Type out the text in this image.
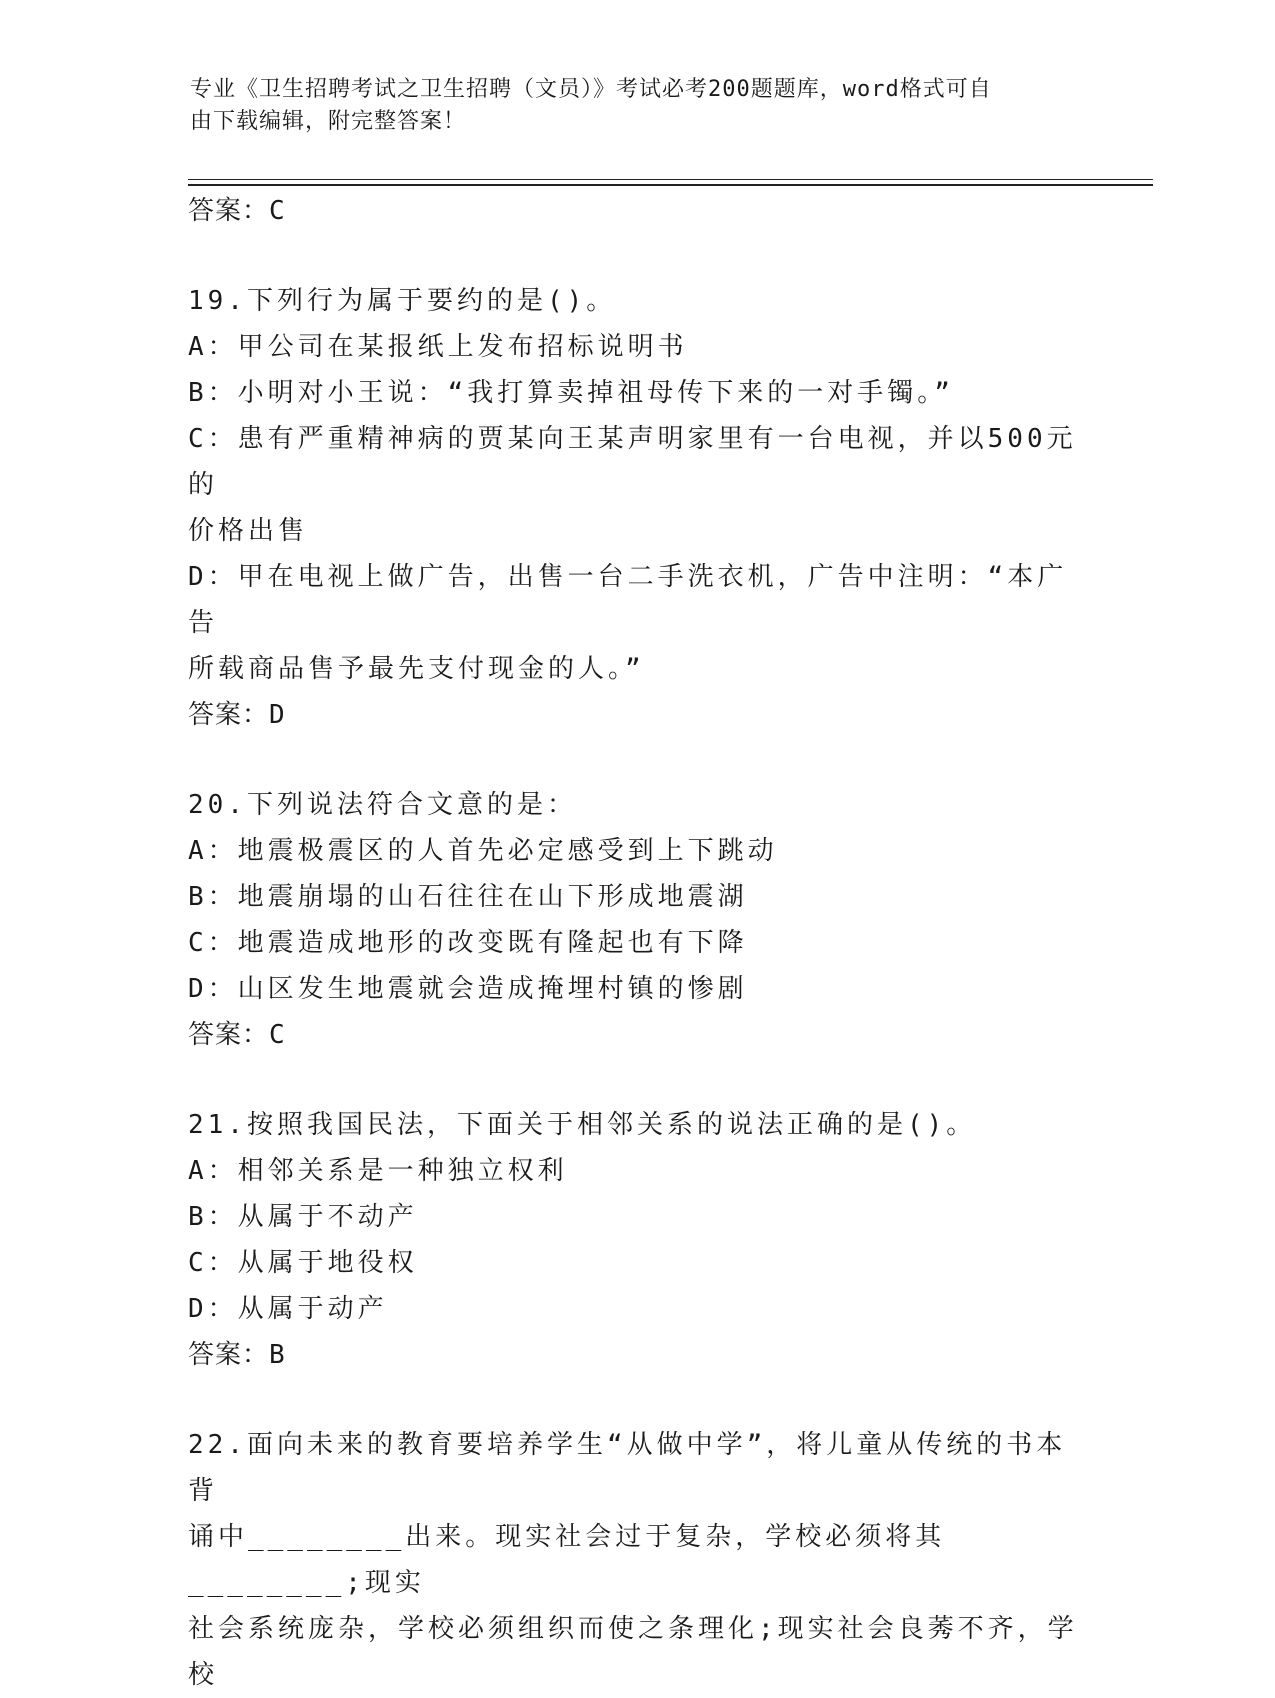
专业《卫生招聘考试之卫生招聘（文员）》考试必考200题题库，word格式可自
由下载编辑，附完整答案！
答案：C
19.下列行为属于要约的是()。
A：甲公司在某报纸上发布招标说明书
B：小明对小王说：“我打算卖掉祖母传下来的一对手镯。”
C：患有严重精神病的贾某向王某声明家里有一台电视，并以500元的
价格出售
D：甲在电视上做广告，出售一台二手洗衣机，广告中注明：“本广告
所载商品售予最先支付现金的人。”
答案：D
20.下列说法符合文意的是：
A：地震极震区的人首先必定感受到上下跳动
B：地震崩塌的山石往往在山下形成地震湖
C：地震造成地形的改变既有隆起也有下降
D：山区发生地震就会造成掩埋村镇的惨剧
答案：C
21.按照我国民法，下面关于相邻关系的说法正确的是()。
A：相邻关系是一种独立权利
B：从属于不动产
C：从属于地役权
D：从属于动产
答案：B
22.面向未来的教育要培养学生“从做中学”，将儿童从传统的书本背
诵中________出来。现实社会过于复杂，学校必须将其________;现实
社会系统庞杂，学校必须组织而使之条理化;现实社会良莠不齐，学校
